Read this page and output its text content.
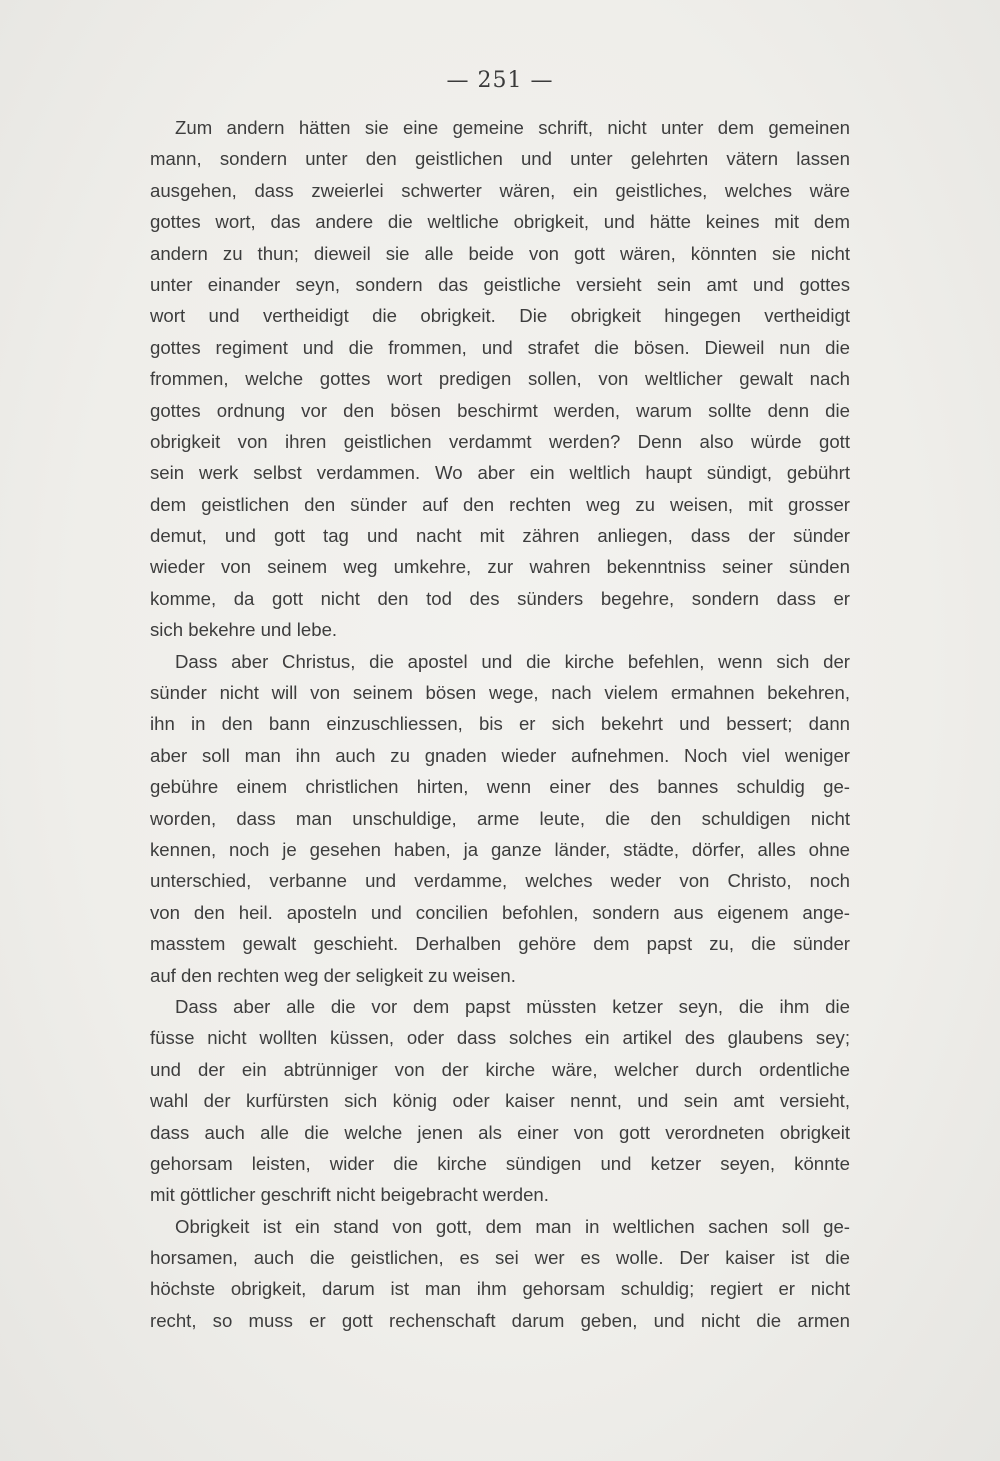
— 251 —
Zum andern hätten sie eine gemeine schrift, nicht unter dem gemeinen
mann, sondern unter den geistlichen und unter gelehrten vätern lassen
ausgehen, dass zweierlei schwerter wären, ein geistliches, welches wäre
gottes wort, das andere die weltliche obrigkeit, und hätte keines mit dem
andern zu thun; dieweil sie alle beide von gott wären, könnten sie nicht
unter einander seyn, sondern das geistliche versieht sein amt und gottes
wort und vertheidigt die obrigkeit. Die obrigkeit hingegen vertheidigt
gottes regiment und die frommen, und strafet die bösen. Dieweil nun die
frommen, welche gottes wort predigen sollen, von weltlicher gewalt nach
gottes ordnung vor den bösen beschirmt werden, warum sollte denn die
obrigkeit von ihren geistlichen verdammt werden? Denn also würde gott
sein werk selbst verdammen. Wo aber ein weltlich haupt sündigt, gebührt
dem geistlichen den sünder auf den rechten weg zu weisen, mit grosser
demut, und gott tag und nacht mit zähren anliegen, dass der sünder
wieder von seinem weg umkehre, zur wahren bekenntniss seiner sünden
komme, da gott nicht den tod des sünders begehre, sondern dass er
sich bekehre und lebe.
Dass aber Christus, die apostel und die kirche befehlen, wenn sich der
sünder nicht will von seinem bösen wege, nach vielem ermahnen bekehren,
ihn in den bann einzuschliessen, bis er sich bekehrt und bessert; dann
aber soll man ihn auch zu gnaden wieder aufnehmen. Noch viel weniger
gebühre einem christlichen hirten, wenn einer des bannes schuldig ge-
worden, dass man unschuldige, arme leute, die den schuldigen nicht
kennen, noch je gesehen haben, ja ganze länder, städte, dörfer, alles ohne
unterschied, verbanne und verdamme, welches weder von Christo, noch
von den heil. aposteln und concilien befohlen, sondern aus eigenem ange-
masstem gewalt geschieht. Derhalben gehöre dem papst zu, die sünder
auf den rechten weg der seligkeit zu weisen.
Dass aber alle die vor dem papst müssten ketzer seyn, die ihm die
füsse nicht wollten küssen, oder dass solches ein artikel des glaubens sey;
und der ein abtrünniger von der kirche wäre, welcher durch ordentliche
wahl der kurfürsten sich könig oder kaiser nennt, und sein amt versieht,
dass auch alle die welche jenen als einer von gott verordneten obrigkeit
gehorsam leisten, wider die kirche sündigen und ketzer seyen, könnte
mit göttlicher geschrift nicht beigebracht werden.
Obrigkeit ist ein stand von gott, dem man in weltlichen sachen soll ge-
horsamen, auch die geistlichen, es sei wer es wolle. Der kaiser ist die
höchste obrigkeit, darum ist man ihm gehorsam schuldig; regiert er nicht
recht, so muss er gott rechenschaft darum geben, und nicht die armen
